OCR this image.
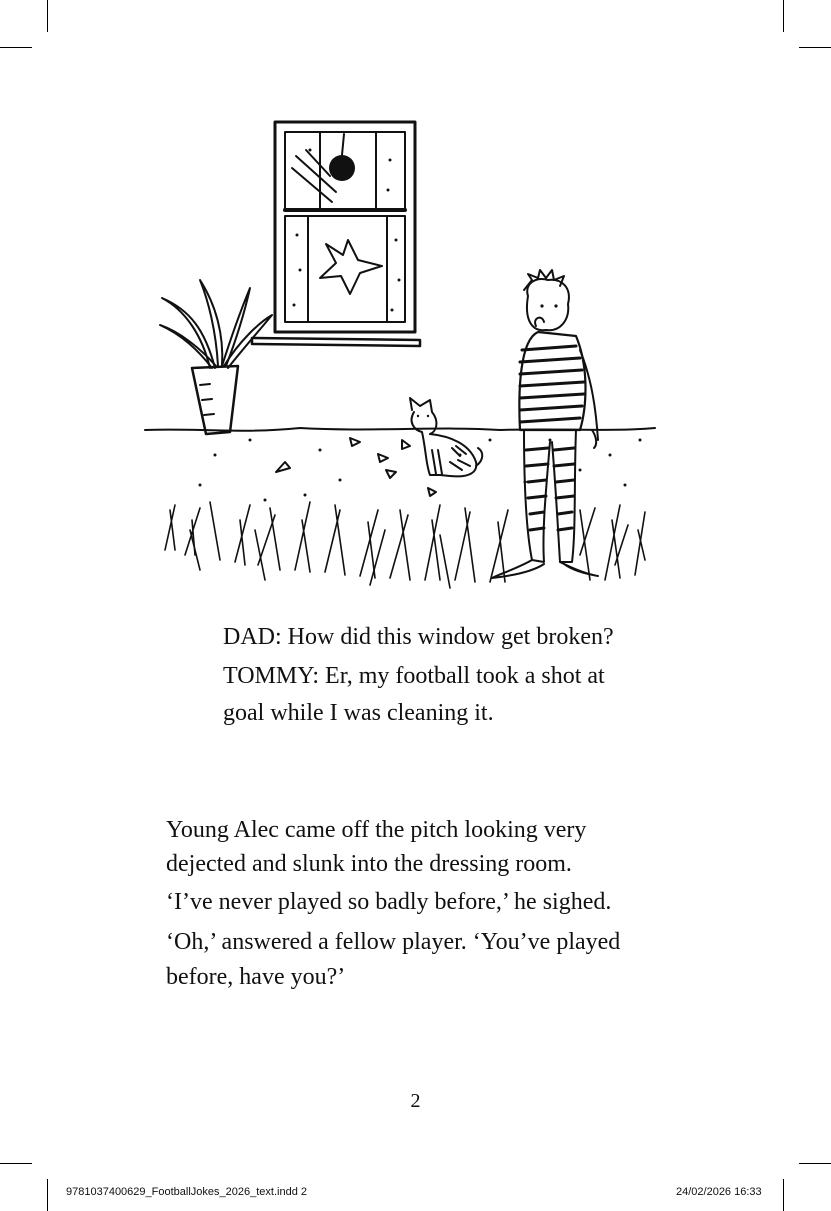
DAD: How did this window get broken?
TOMMY: Er, my football took a shot at
goal while I was cleaning it.
Young Alec came off the pitch looking very
dejected and slunk into the dressing room.
‘I’ve never played so badly before,’ he sighed.
‘Oh,’ answered a fellow player. ‘You’ve played
before, have you?’
2
9781037400629_FootballJokes_2026_text.indd 2	24/02/2026 16:33
